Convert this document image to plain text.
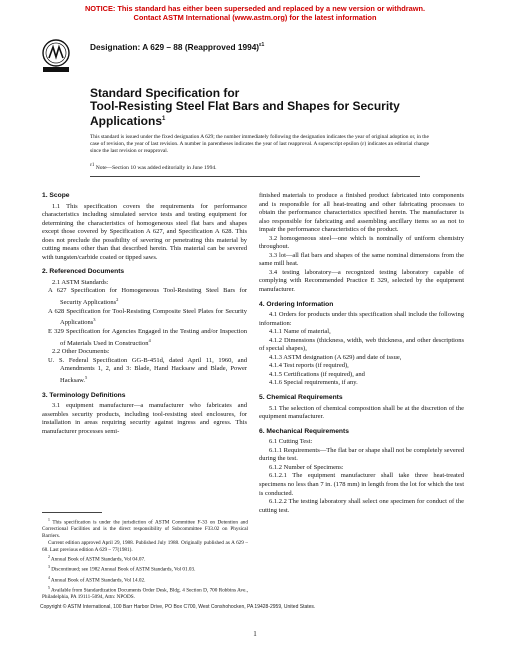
NOTICE: This standard has either been superseded and replaced by a new version or withdrawn.
Contact ASTM International (www.astm.org) for the latest information
Designation: A 629 – 88 (Reapproved 1994)$^{\varepsilon 1}$
Standard Specification for
Tool-Resisting Steel Flat Bars and Shapes for Security
Applications$^1$
This standard is issued under the fixed designation A 629; the number immediately following the designation indicates the year of original adoption or, in the case of revision, the year of last revision. A number in parentheses indicates the year of last reapproval. A superscript epsilon (ε) indicates an editorial change since the last revision or reapproval.
$^{\varepsilon 1}$ Note—Section 10 was added editorially in June 1994.

1. Scope

1.1 This specification covers the requirements for performance characteristics including simulated service tests and testing equipment for determining the characteristics of homogeneous steel flat bars and shapes except those covered by Specification A 627, and Specification A 628. This does not preclude the possibility of severing or penetrating this material by cutting means other than that described herein. This material can be severed with tungsten/carbide coated or tipped saws.

2. Referenced Documents

2.1 ASTM Standards:

A 627 Specification for Homogeneous Tool-Resisting Steel Bars for Security Applications$^2$

A 628 Specification for Tool-Resisting Composite Steel Plates for Security Applications$^3$

E 329 Specification for Agencies Engaged in the Testing and/or Inspection of Materials Used in Construction$^4$

2.2 Other Documents:

U. S. Federal Specification GG-B-451d, dated April 11, 1960, and Amendments 1, 2, and 3: Blade, Hand Hacksaw and Blade, Power Hacksaw.$^5$

3. Terminology Definitions

3.1 equipment manufacturer—a manufacturer who fabricates and assembles security products, including tool-resisting steel enclosures, for installation in areas requiring security against ingress and egress. This manufacturer processes semi-

finished materials to produce a finished product fabricated into components and is responsible for all heat-treating and other fabricating processes to obtain the performance characteristics specified herein. The manufacturer is also responsible for fabricating and assembling ancillary items so as not to impair the performance characteristics of the product.

3.2 homogeneous steel—one which is nominally of uniform chemistry throughout.

3.3 lot—all flat bars and shapes of the same nominal dimensions from the same mill heat.

3.4 testing laboratory—a recognized testing laboratory capable of complying with Recommended Practice E 329, selected by the equipment manufacturer.

4. Ordering Information

4.1 Orders for products under this specification shall include the following information:

4.1.1 Name of material,

4.1.2 Dimensions (thickness, width, web thickness, and other descriptions of special shapes),

4.1.3 ASTM designation (A 629) and date of issue,

4.1.4 Test reports (if required),

4.1.5 Certifications (if required), and

4.1.6 Special requirements, if any.

5. Chemical Requirements

5.1 The selection of chemical composition shall be at the discretion of the equipment manufacturer.

6. Mechanical Requirements

6.1 Cutting Test:

6.1.1 Requirements—The flat bar or shape shall not be completely severed during the test.

6.1.2 Number of Specimens:

6.1.2.1 The equipment manufacturer shall take three heat-treated specimens no less than 7 in. (178 mm) in length from the lot for which the test is conducted.

6.1.2.2 The testing laboratory shall select one specimen for conduct of the cutting test.

$^1$ This specification is under the jurisdiction of ASTM Committee F-33 on Detention and Correctional Facilities and is the direct responsibility of Subcommittee F33.02 on Physical Barriers.

Current edition approved April 29, 1988. Published July 1988. Originally published as A 629 – 68. Last previous edition A 629 – 77(1981).

$^2$ Annual Book of ASTM Standards, Vol 04.07.

$^3$ Discontinued; see 1982 Annual Book of ASTM Standards, Vol 01.03.

$^4$ Annual Book of ASTM Standards, Vol 14.02.

$^5$ Available from Standardization Documents Order Desk, Bldg. 4 Section D, 700 Robbins Ave., Philadelphia, PA 19111-5094, Attn: NPODS.

Copyright © ASTM International, 100 Barr Harbor Drive, PO Box C700, West Conshohocken, PA 19428-2959, United States.
1
